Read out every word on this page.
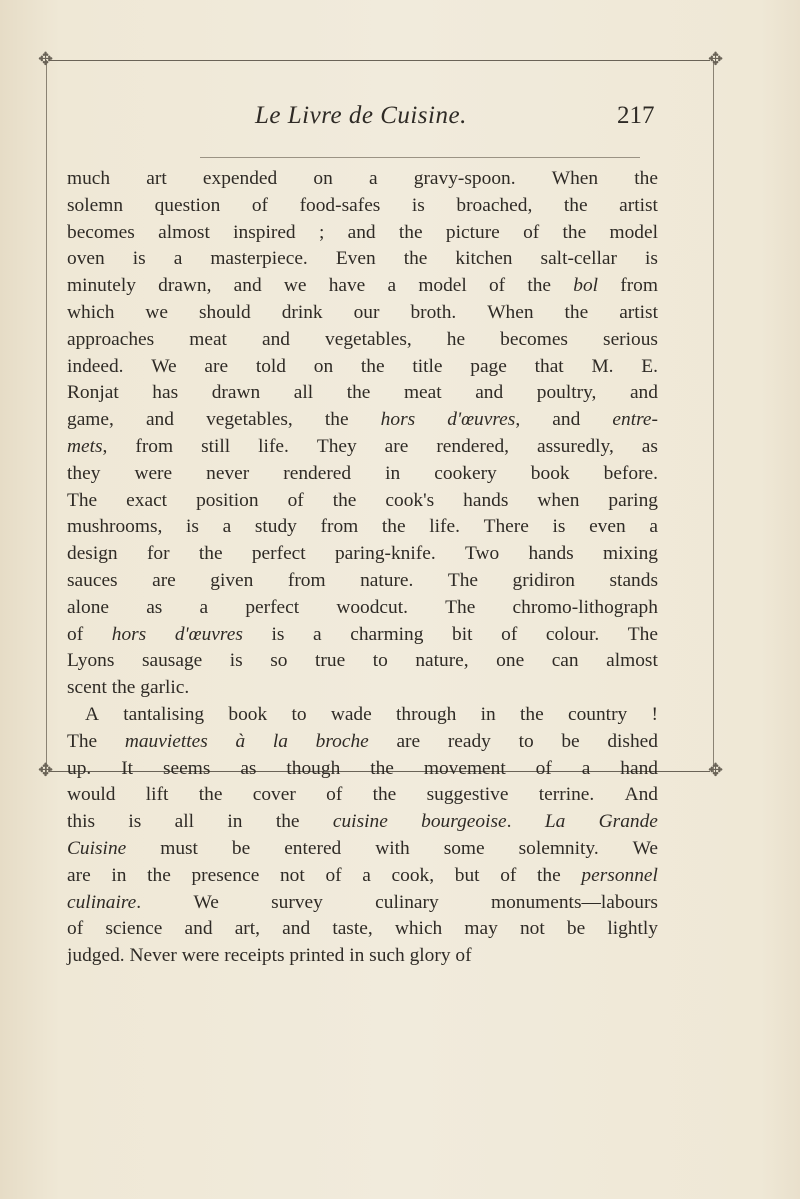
✥	✥
✥	✥
Le Livre de Cuisine.	217
much art expended on a gravy-spoon. When the
solemn question of food-safes is broached, the artist
becomes almost inspired ; and the picture of the model
oven is a masterpiece. Even the kitchen salt-cellar is
minutely drawn, and we have a model of the bol from
which we should drink our broth. When the artist
approaches meat and vegetables, he becomes serious
indeed. We are told on the title page that M. E.
Ronjat has drawn all the meat and poultry, and
game, and vegetables, the hors d'œuvres, and entre-
mets, from still life. They are rendered, assuredly, as
they were never rendered in cookery book before.
The exact position of the cook's hands when paring
mushrooms, is a study from the life. There is even a
design for the perfect paring-knife. Two hands mixing
sauces are given from nature. The gridiron stands
alone as a perfect woodcut. The chromo-lithograph
of hors d'œuvres is a charming bit of colour. The
Lyons sausage is so true to nature, one can almost
scent
the
garlic.
A tantalising book to wade through in the country !
The mauviettes à la broche are ready to be dished
up. It seems as though the movement of a hand
would lift the cover of the suggestive terrine. And
this is all in the cuisine bourgeoise. La Grande
Cuisine must be entered with some solemnity. We
are in the presence not of a cook, but of the personnel
culinaire.	We	survey	culinary	monuments—labours
of science and art, and taste, which may not be lightly
judged.
Never
were
receipts
printed
in
such
glory
of
